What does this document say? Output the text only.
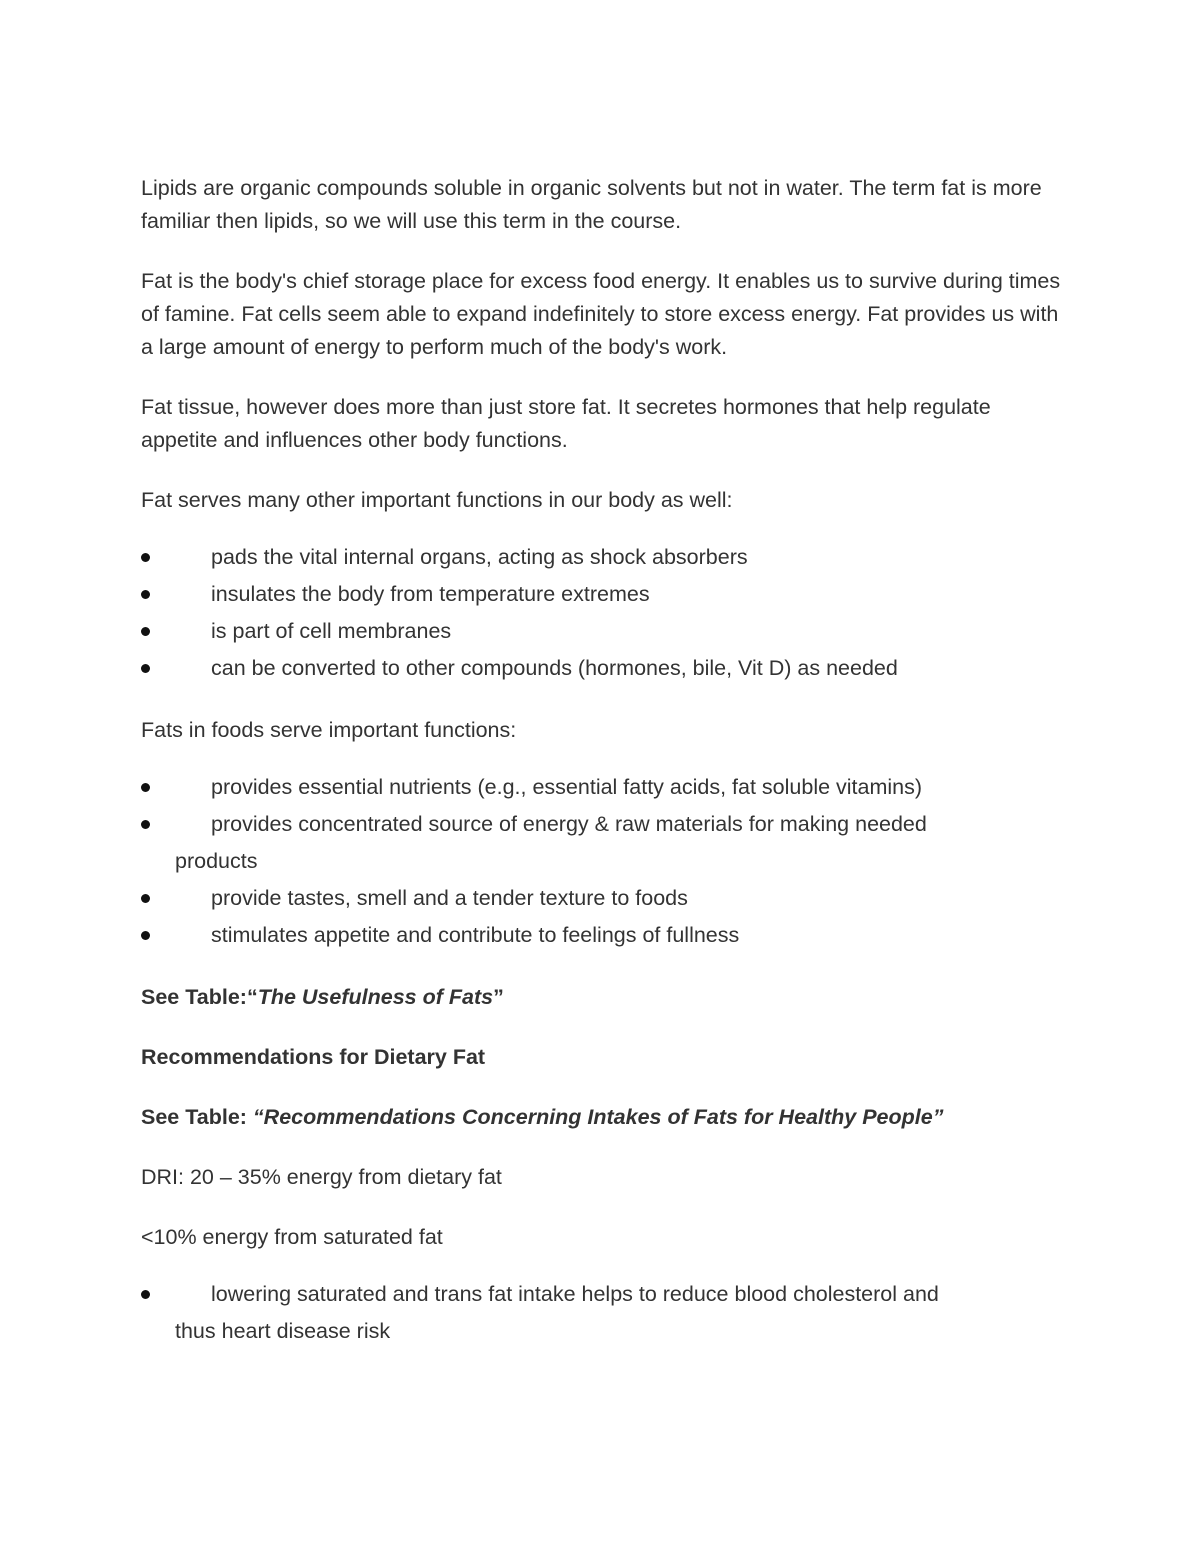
Lipids are organic compounds soluble in organic solvents but not in water. The term fat is more familiar then lipids, so we will use this term in the course.

Fat is the body's chief storage place for excess food energy. It enables us to survive during times of famine. Fat cells seem able to expand indefinitely to store excess energy. Fat provides us with a large amount of energy to perform much of the body's work.

Fat tissue, however does more than just store fat. It secretes hormones that help regulate appetite and influences other body functions.

Fat serves many other important functions in our body as well:

pads the vital internal organs, acting as shock absorbers
insulates the body from temperature extremes
is part of cell membranes
can be converted to other compounds (hormones, bile, Vit D) as needed

Fats in foods serve important functions:

provides essential nutrients (e.g., essential fatty acids, fat soluble vitamins)
provides concentrated source of energy & raw materials for making needed
products
provide tastes, smell and a tender texture to foods
stimulates appetite and contribute to feelings of fullness

See Table:“The Usefulness of Fats”

Recommendations for Dietary Fat

See Table: “Recommendations Concerning Intakes of Fats for Healthy People”

DRI: 20 – 35% energy from dietary fat

<10% energy from saturated fat

lowering saturated and trans fat intake helps to reduce blood cholesterol and
thus heart disease risk
